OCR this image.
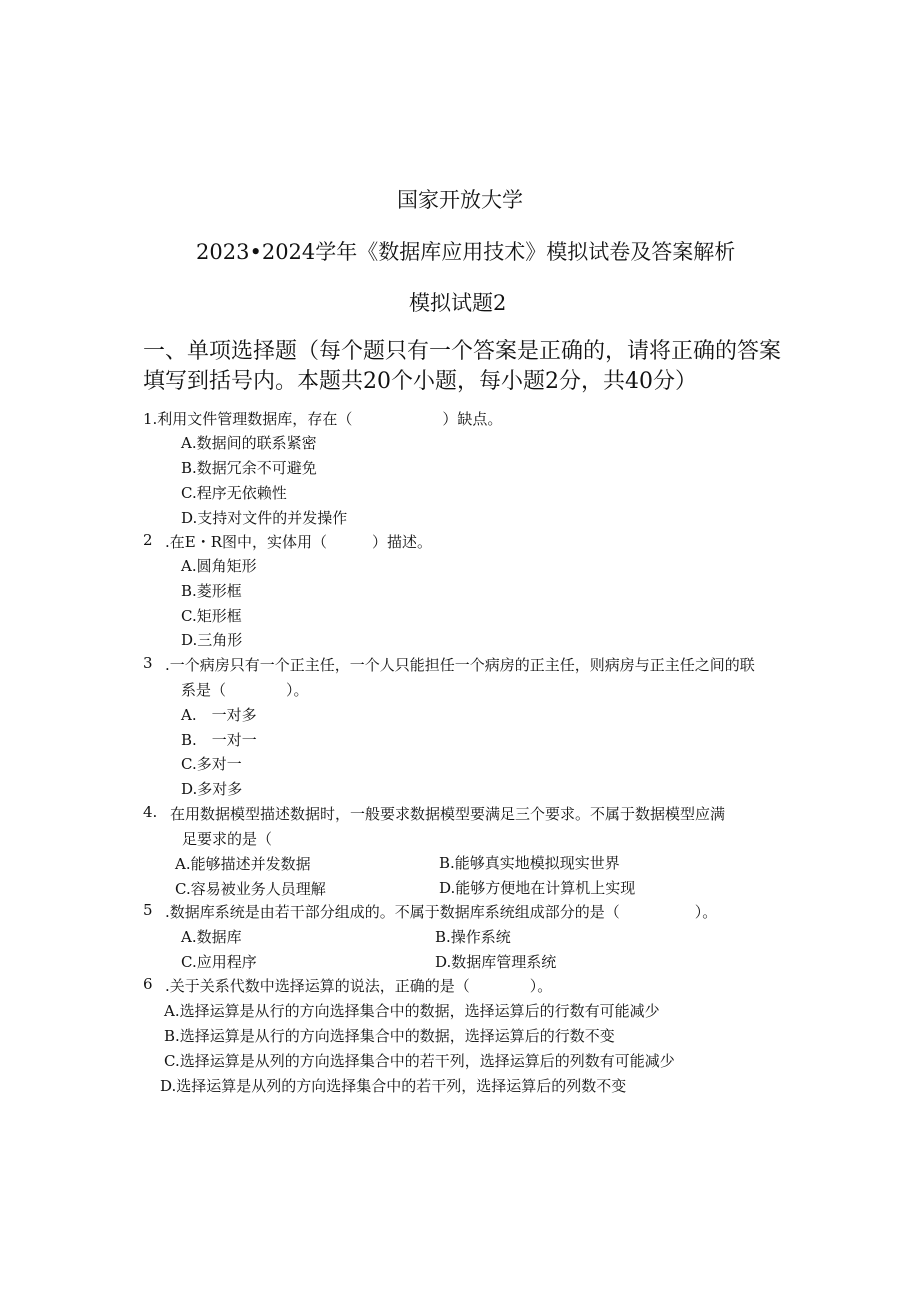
国家开放大学
2023•2024学年《数据库应用技术》模拟试卷及答案解析
模拟试题2
一、单项选择题（每个题只有一个答案是正确的，请将正确的答案
填写到括号内。本题共20个小题，每小题2分，共40分）
1.利用文件管理数据库，存在（　　　　　　）缺点。
A.数据间的联系紧密
B.数据冗余不可避免
C.程序无依赖性
D.支持对文件的并发操作
2 .在E・R图中，实体用（　　　）描述。
A.圆角矩形
B.菱形框
C.矩形框
D.三角形
3 .一个病房只有一个正主任，一个人只能担任一个病房的正主任，则病房与正主任之间的联
系是（　　　　）。
A.　一对多
B.　一对一
C.多对一
D.多对多
4. 在用数据模型描述数据时，一般要求数据模型要满足三个要求。不属于数据模型应满
足要求的是（
A.能够描述并发数据	B.能够真实地模拟现实世界
C.容易被业务人员理解	D.能够方便地在计算机上实现
5 .数据库系统是由若干部分组成的。不属于数据库系统组成部分的是（　　　　　）。
A.数据库	B.操作系统
C.应用程序	D.数据库管理系统
6 .关于关系代数中选择运算的说法，正确的是（　　　　）。
A.选择运算是从行的方向选择集合中的数据，选择运算后的行数有可能减少
B.选择运算是从行的方向选择集合中的数据，选择运算后的行数不变
C.选择运算是从列的方向选择集合中的若干列，选择运算后的列数有可能减少
D.选择运算是从列的方向选择集合中的若干列，选择运算后的列数不变
